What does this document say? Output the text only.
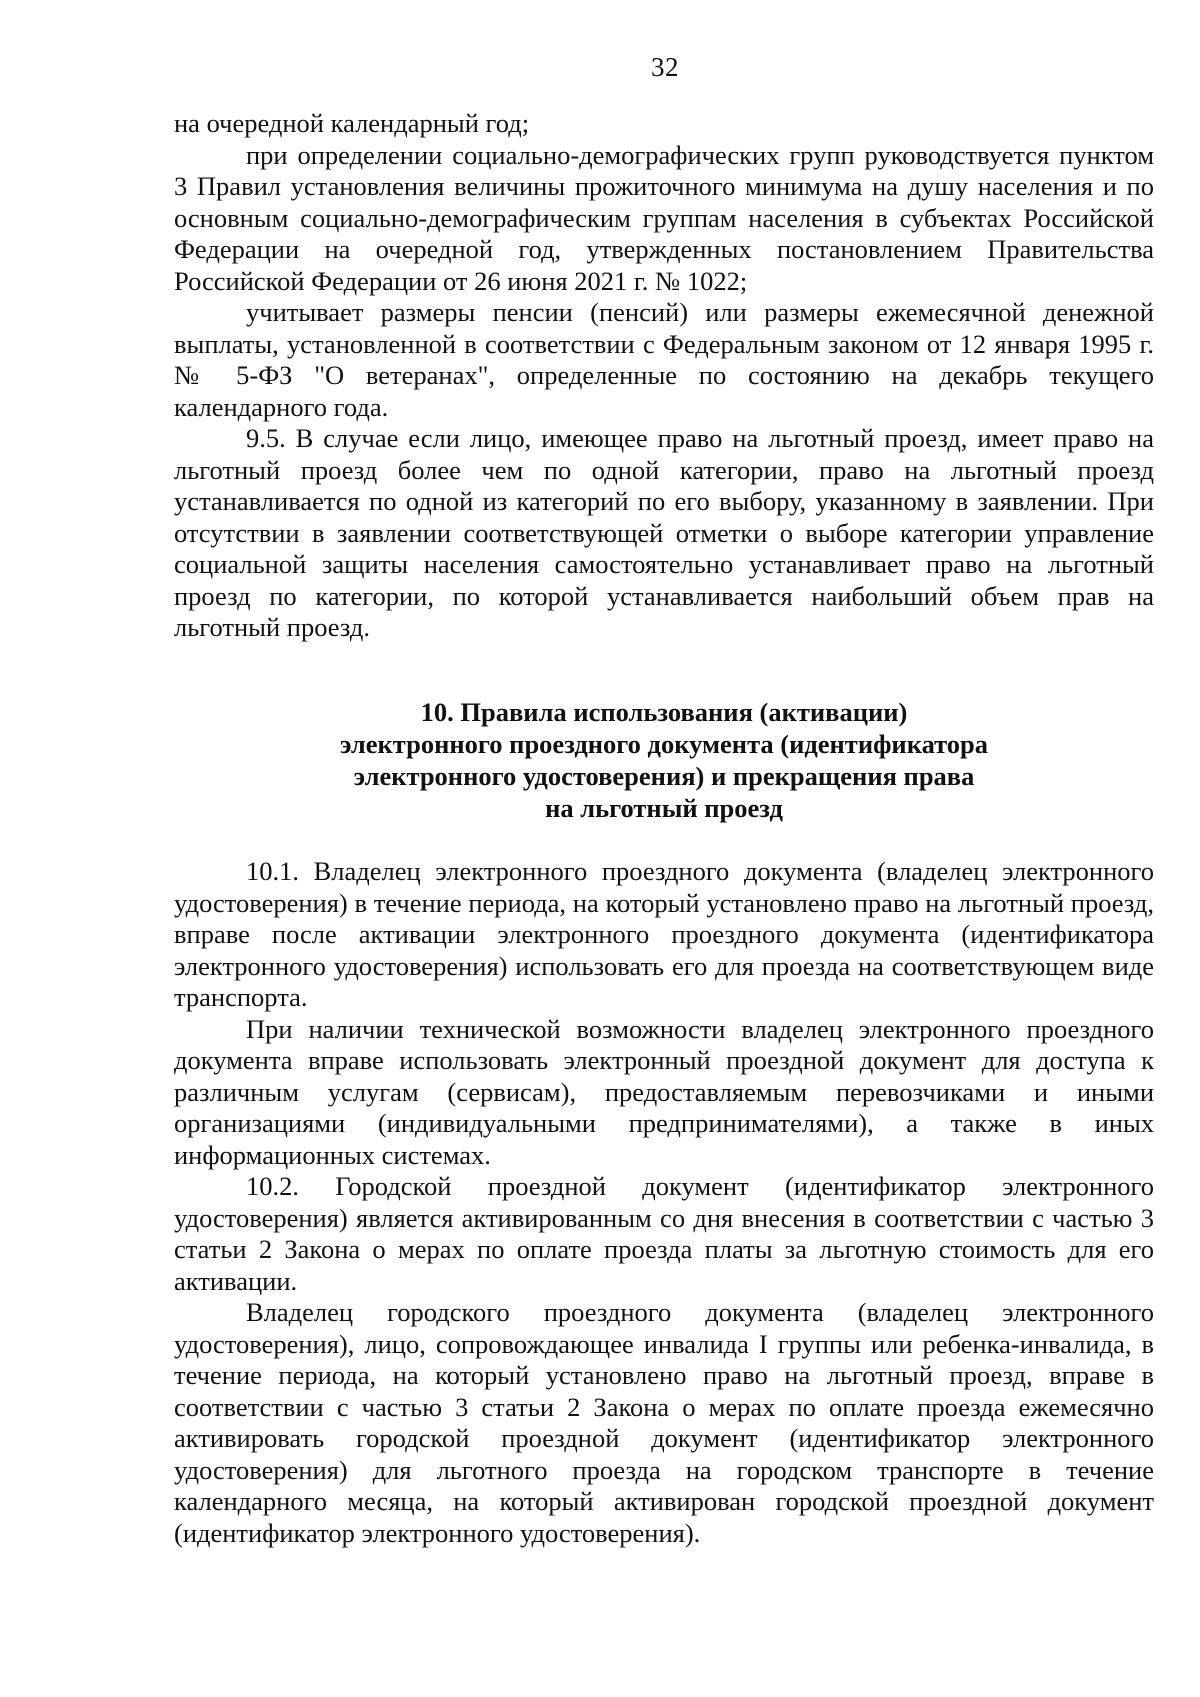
32

на очередной календарный год;

при определении социально-демографических групп руководствуется пунктом 3 Правил установления величины прожиточного минимума на душу населения и по основным социально-демографическим группам населения в субъектах Российской Федерации на очередной год, утвержденных постановлением Правительства Российской Федерации от 26 июня 2021 г. № 1022;

учитывает размеры пенсии (пенсий) или размеры ежемесячной денежной выплаты, установленной в соответствии с Федеральным законом от 12 января 1995 г. № 5-ФЗ "О ветеранах", определенные по состоянию на декабрь текущего календарного года.

9.5. В случае если лицо, имеющее право на льготный проезд, имеет право на льготный проезд более чем по одной категории, право на льготный проезд устанавливается по одной из категорий по его выбору, указанному в заявлении. При отсутствии в заявлении соответствующей отметки о выборе категории управление социальной защиты населения самостоятельно устанавливает право на льготный проезд по категории, по которой устанавливается наибольший объем прав на льготный проезд.

10. Правила использования (активации)
электронного проездного документа (идентификатора
электронного удостоверения) и прекращения права
на льготный проезд

10.1. Владелец электронного проездного документа (владелец электронного удостоверения) в течение периода, на который установлено право на льготный проезд, вправе после активации электронного проездного документа (идентификатора электронного удостоверения) использовать его для проезда на соответствующем виде транспорта.

При наличии технической возможности владелец электронного проездного документа вправе использовать электронный проездной документ для доступа к различным услугам (сервисам), предоставляемым перевозчиками и иными организациями (индивидуальными предпринимателями), а также в иных информационных системах.

10.2. Городской проездной документ (идентификатор электронного удостоверения) является активированным со дня внесения в соответствии с частью 3 статьи 2 Закона о мерах по оплате проезда платы за льготную стоимость для его активации.

Владелец городского проездного документа (владелец электронного удостоверения), лицо, сопровождающее инвалида I группы или ребенка-инвалида, в течение периода, на который установлено право на льготный проезд, вправе в соответствии с частью 3 статьи 2 Закона о мерах по оплате проезда ежемесячно активировать городской проездной документ (идентификатор электронного удостоверения) для льготного проезда на городском транспорте в течение календарного месяца, на который активирован городской проездной документ (идентификатор электронного удостоверения).
